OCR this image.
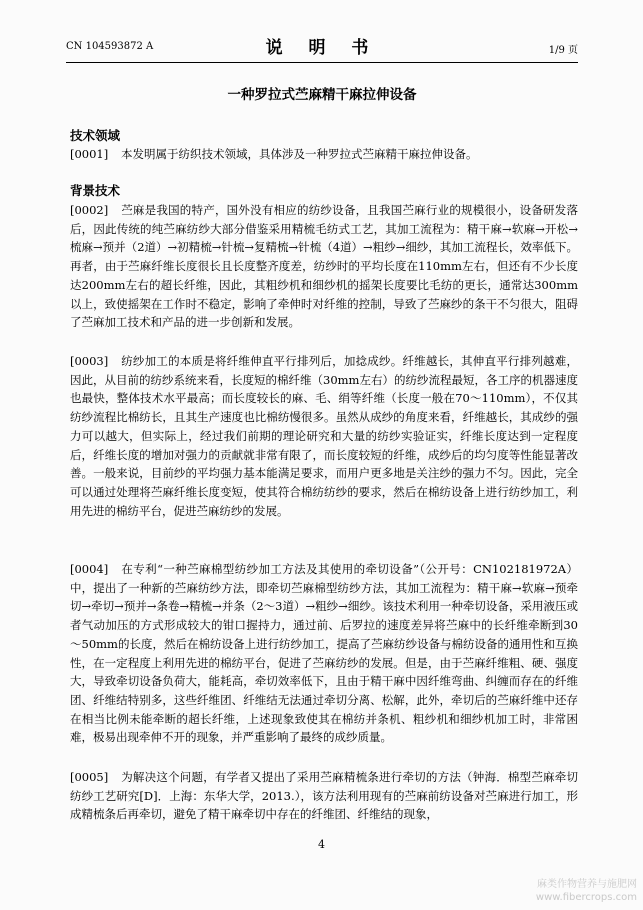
CN 104593872 A	说 明 书	1/9 页
一种罗拉式苎麻精干麻拉伸设备
技术领域

[0001] 本发明属于纺织技术领域，具体涉及一种罗拉式苎麻精干麻拉伸设备。

背景技术

[0002] 苎麻是我国的特产，国外没有相应的纺纱设备，且我国苎麻行业的规模很小，设备研发落后，因此传统的纯苎麻纺纱大部分借鉴采用精梳毛纺式工艺，其加工流程为：精干麻→软麻→开松→梳麻→预并（2道）→初精梳→针梳→复精梳→针梳（4道）→粗纱→细纱，其加工流程长，效率低下。再者，由于苎麻纤维长度很长且长度整齐度差，纺纱时的平均长度在110mm左右，但还有不少长度达200mm左右的超长纤维，因此，其粗纱机和细纱机的摇架长度要比毛纺的更长，通常达300mm以上，致使摇架在工作时不稳定，影响了牵伸时对纤维的控制，导致了苎麻纱的条干不匀很大，阻碍了苎麻加工技术和产品的进一步创新和发展。

[0003] 纺纱加工的本质是将纤维伸直平行排列后，加捻成纱。纤维越长，其伸直平行排列越难，因此，从目前的纺纱系统来看，长度短的棉纤维（30mm左右）的纺纱流程最短，各工序的机器速度也最快，整体技术水平最高；而长度较长的麻、毛、绢等纤维（长度一般在70～110mm），不仅其纺纱流程比棉纺长，且其生产速度也比棉纺慢很多。虽然从成纱的角度来看，纤维越长，其成纱的强力可以越大，但实际上，经过我们前期的理论研究和大量的纺纱实验证实，纤维长度达到一定程度后，纤维长度的增加对强力的贡献就非常有限了，而长度较短的纤维，成纱后的均匀度等性能显著改善。一般来说，目前纱的平均强力基本能满足要求，而用户更多地是关注纱的强力不匀。因此，完全可以通过处理将苎麻纤维长度变短，使其符合棉纺纺纱的要求，然后在棉纺设备上进行纺纱加工，利用先进的棉纺平台，促进苎麻纺纱的发展。

[0004] 在专利“一种苎麻棉型纺纱加工方法及其使用的牵切设备”（公开号：CN102181972A）中，提出了一种新的苎麻纺纱方法，即牵切苎麻棉型纺纱方法，其加工流程为：精干麻→软麻→预牵切→牵切→预并→条卷→精梳→并条（2～3道）→粗纱→细纱。该技术利用一种牵切设备，采用液压或者气动加压的方式形成较大的钳口握持力，通过前、后罗拉的速度差异将苎麻中的长纤维牵断到30～50mm的长度，然后在棉纺设备上进行纺纱加工，提高了苎麻纺纱设备与棉纺设备的通用性和互换性，在一定程度上利用先进的棉纺平台，促进了苎麻纺纱的发展。但是，由于苎麻纤维粗、硬、强度大，导致牵切设备负荷大，能耗高，牵切效率低下，且由于精干麻中因纤维弯曲、纠缠而存在的纤维团、纤维结特别多，这些纤维团、纤维结无法通过牵切分离、松解，此外，牵切后的苎麻纤维中还存在相当比例未能牵断的超长纤维，上述现象致使其在棉纺并条机、粗纱机和细纱机加工时，非常困难，极易出现牵伸不开的现象，并严重影响了最终的成纱质量。

[0005] 为解决这个问题，有学者又提出了采用苎麻精梳条进行牵切的方法（钟海．棉型苎麻牵切纺纱工艺研究[D]．上海：东华大学，2013.），该方法利用现有的苎麻前纺设备对苎麻进行加工，形成精梳条后再牵切，避免了精干麻牵切中存在的纤维团、纤维结的现象，

4
麻类作物营养与施肥网
www.fibercrops.com
